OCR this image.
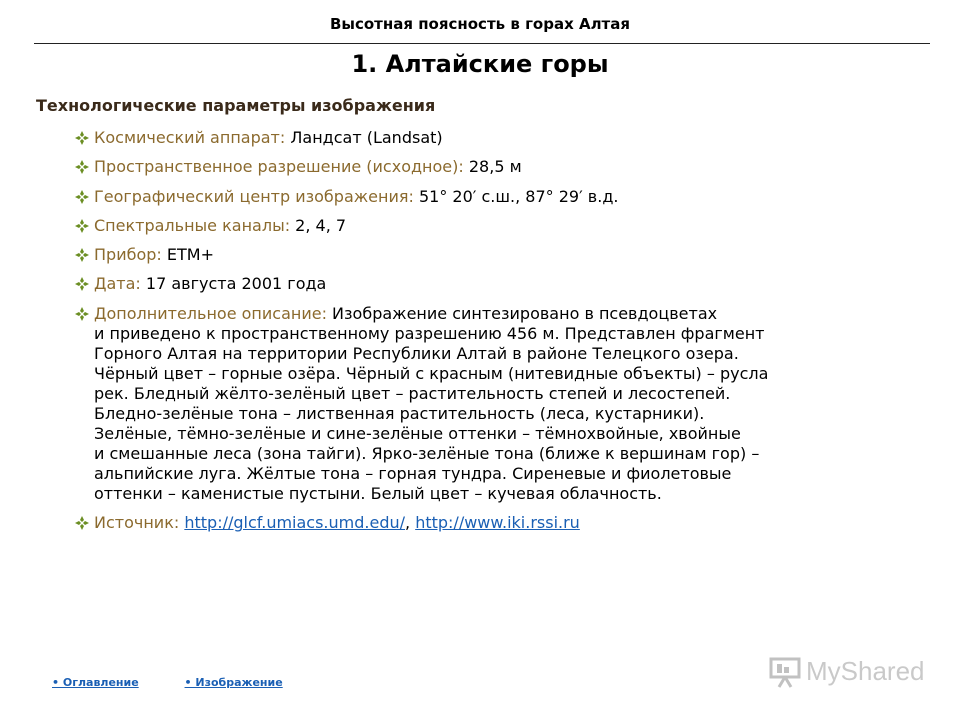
Высотная поясность в горах Алтая
1. Алтайские горы
Технологические параметры изображения
Космический аппарат: Ландсат (Landsat)
Пространственное разрешение (исходное): 28,5 м
Географический центр изображения: 51° 20′ с.ш., 87° 29′ в.д.
Спектральные каналы: 2, 4, 7
Прибор: ETM+
Дата: 17 августа 2001 года
Дополнительное описание: Изображение синтезировано в псевдоцветах
и приведено к пространственному разрешению 456 м. Представлен фрагмент
Горного Алтая на территории Республики Алтай в районе Телецкого озера.
Чёрный цвет – горные озёра. Чёрный с красным (нитевидные объекты) – русла
рек. Бледный жёлто-зелёный цвет – растительность степей и лесостепей.
Бледно-зелёные тона – лиственная растительность (леса, кустарники).
Зелёные, тёмно-зелёные и сине-зелёные оттенки – тёмнохвойные, хвойные
и смешанные леса (зона тайги). Ярко-зелёные тона (ближе к вершинам гор) –
альпийские луга. Жёлтые тона – горная тундра. Сиреневые и фиолетовые
оттенки – каменистые пустыни. Белый цвет – кучевая облачность.
Источник: http://glcf.umiacs.umd.edu/, http://www.iki.rssi.ru
• Оглавление	• Изображение	MyShared
